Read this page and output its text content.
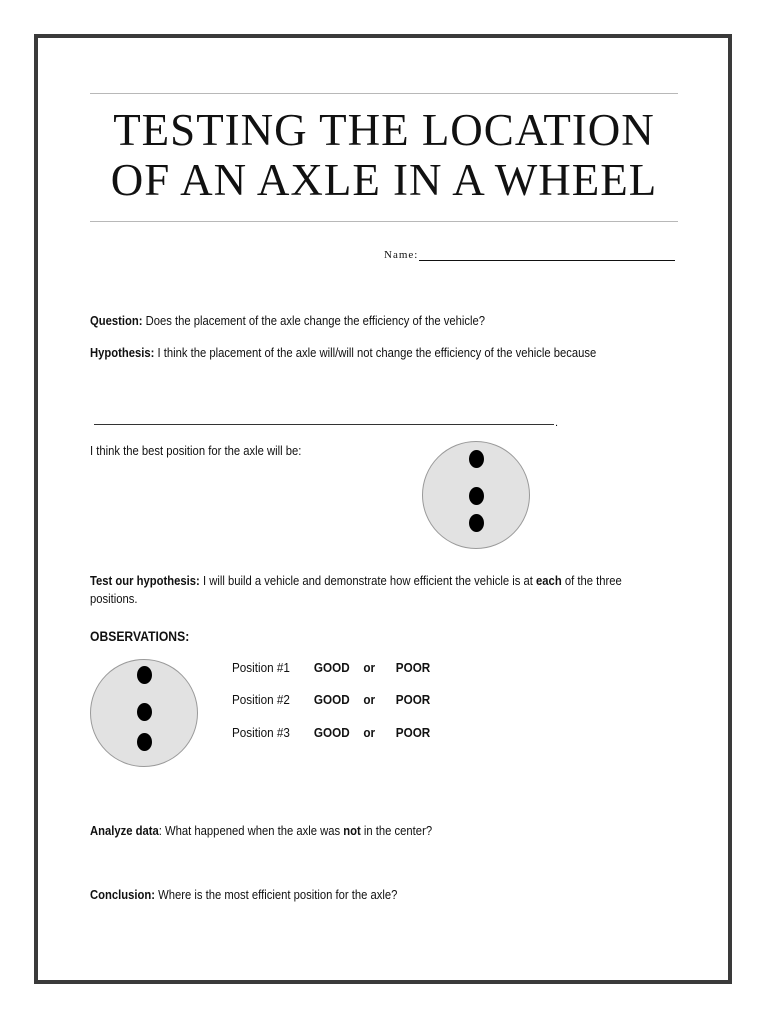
TESTING THE LOCATION
OF AN AXLE IN A WHEEL
Name:
Question: Does the placement of the axle change the efficiency of the vehicle?
Hypothesis: I think the placement of the axle will/will not change the efficiency of the vehicle because
.
I think the best position for the axle will be:
Test our hypothesis: I will build a vehicle and demonstrate how efficient the vehicle is at each of the three positions.
OBSERVATIONS:
Position #1 GOOD or POOR
Position #2 GOOD or POOR
Position #3 GOOD or POOR
Analyze data: What happened when the axle was not in the center?
Conclusion: Where is the most efficient position for the axle?
